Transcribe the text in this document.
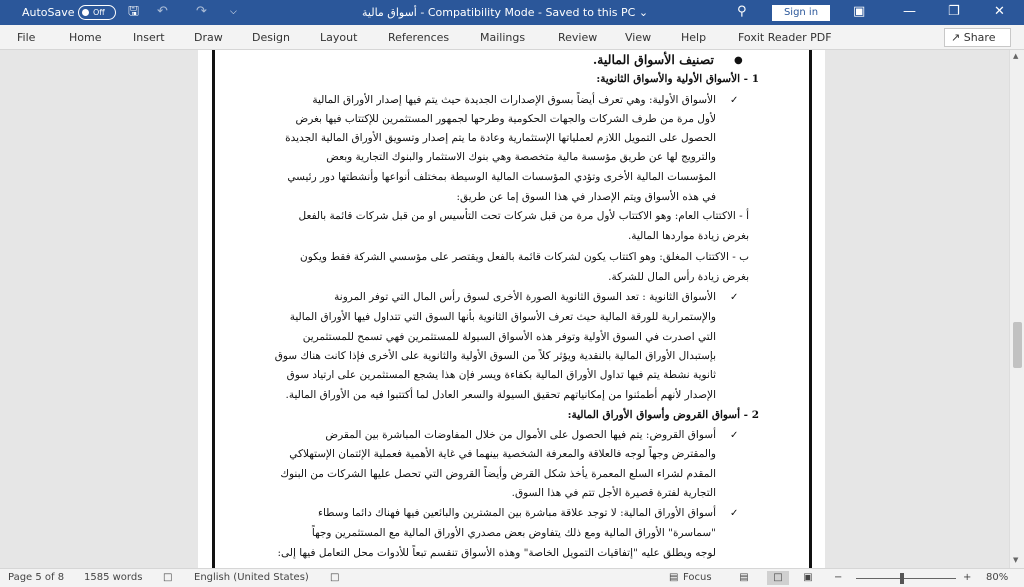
AutoSave	Off	🖫 ↶ ↷	⌵	أسواق مالية - Compatibility Mode - Saved to this PC ⌄	⚲	Sign in	▣	— ❐	✕
File	Home	Insert	Draw	Design	Layout	References	Mailings	Review	View	Help	Foxit Reader PDF	↗ Share
●
تصنيف الأسواق المالية.
1 - الأسواق الأولية والأسواق الثانوية:
✓
الأسواق الأولية: وهي تعرف أيضاً بسوق الإصدارات الجديدة حيث يتم فيها إصدار الأوراق المالية
لأول مرة من طرف الشركات والجهات الحكومية وطرحها لجمهور المستثمرين للإكتتاب فيها بغرض
الحصول على التمويل اللازم لعملياتها الإستثمارية وعادة ما يتم إصدار وتسويق الأوراق المالية الجديدة
والترويج لها عن طريق مؤسسة مالية متخصصة وهي بنوك الاستثمار والبنوك التجارية وبعض
المؤسسات المالية الأخرى وتؤدي المؤسسات المالية الوسيطة بمختلف أنواعها وأنشطتها دور رئيسي
في هذه الأسواق ويتم الإصدار في هذا السوق إما عن طريق:
أ - الاكتتاب العام: وهو الاكتتاب لأول مرة من قبل شركات تحت التأسيس او من قبل شركات قائمة بالفعل
بغرض زيادة مواردها المالية.
ب - الاكتتاب المغلق: وهو اكتتاب يكون لشركات قائمة بالفعل ويقتصر على مؤسسي الشركة فقط ويكون
بغرض زيادة رأس المال للشركة.
✓
الأسواق الثانوية : تعد السوق الثانوية الصورة الأخرى لسوق رأس المال التي توفر المرونة
والإستمرارية للورقة المالية حيث تعرف الأسواق الثانوية بأنها السوق التي تتداول فيها الأوراق المالية
التي اصدرت في السوق الأولية وتوفر هذه الأسواق السيولة للمستثمرين فهي تسمح للمستثمرين
بإستبدال الأوراق المالية بالنقدية ويؤثر كلاً من السوق الأولية والثانوية على الأخرى فإذا كانت هناك سوق
ثانوية نشطة يتم فيها تداول الأوراق المالية بكفاءة ويسر فإن هذا يشجع المستثمرين على ارتياد سوق
الإصدار لأنهم أطمئنوا من إمكانياتهم تحقيق السيولة والسعر العادل لما أكتتبوا فيه من الأوراق المالية.
2 - أسواق القروض وأسواق الأوراق المالية:
✓
أسواق القروض: يتم فيها الحصول على الأموال من خلال المفاوضات المباشرة بين المقرض
والمقترض وجهاً لوجه فالعلاقة والمعرفة الشخصية بينهما في غاية الأهمية فعملية الإئتمان الإستهلاكي
المقدم لشراء السلع المعمرة يأخذ شكل القرض وأيضاً القروض التي تحصل عليها الشركات من البنوك
التجارية لفترة قصيرة الأجل تتم في هذا السوق.
✓
أسواق الأوراق المالية: لا توجد علاقة مباشرة بين المشترين والبائعين فيها فهناك دائما وسطاء
"سماسرة" الأوراق المالية ومع ذلك يتفاوض بعض مصدري الأوراق المالية مع المستثمرين وجهاً
لوجه ويطلق عليه "إتفاقيات التمويل الخاصة" وهذه الأسواق تنقسم تبعاً للأدوات محل التعامل فيها إلى:
▲
▼
Page 5 of 8 1585 words □ English (United States) □	▤ Focus	▤	□	▣	−	+ 80%
